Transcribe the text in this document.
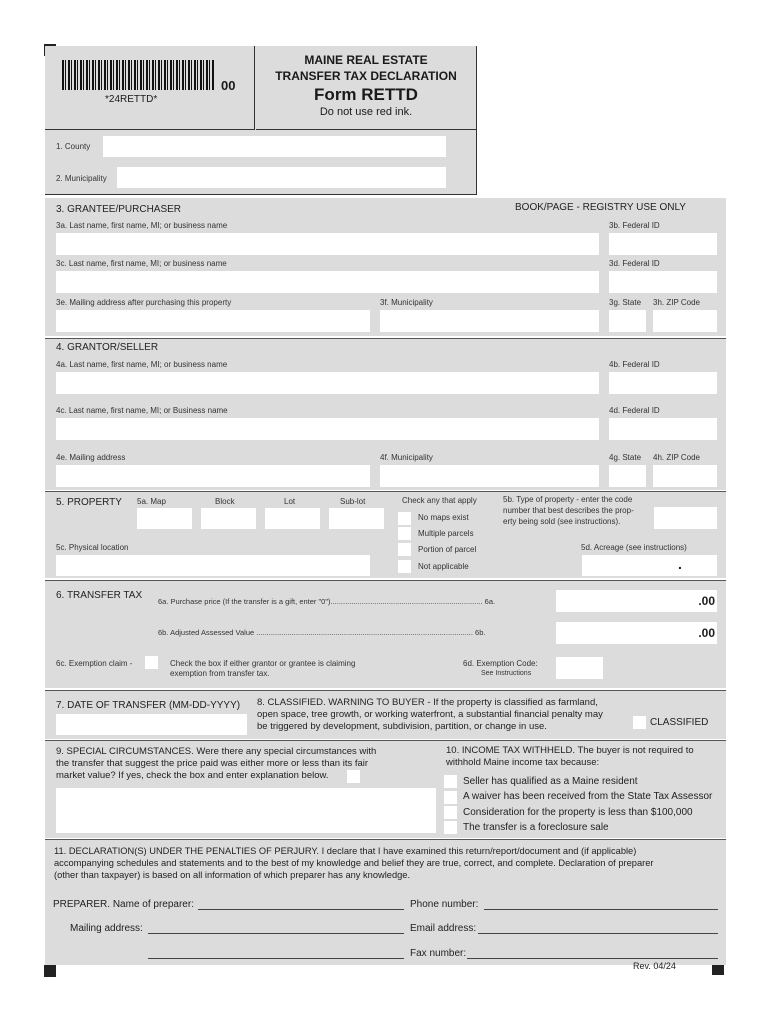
00
*24RETTD*
MAINE REAL ESTATE
TRANSFER TAX DECLARATION
Form RETTD
Do not use red ink.
1. County
2. Municipality
3. GRANTEE/PURCHASER	BOOK/PAGE - REGISTRY USE ONLY
3a. Last name, first name, MI; or business name	3b. Federal ID
3c. Last name, first name, MI; or business name	3d. Federal ID
3e. Mailing address after purchasing this property	3f. Municipality	3g. State 3h. ZIP Code
4. GRANTOR/SELLER
4a. Last name, first name, MI; or business name	4b. Federal ID
4c. Last name, first name, MI; or Business name	4d. Federal ID
4e. Mailing address	4f. Municipality	4g. State 4h. ZIP Code
5. PROPERTY 5a. Map	Block	Lot	Sub-lot	Check any that apply
No maps exist
Multiple parcels
Portion of parcel
Not applicable
5b. Type of property - enter the code
number that best describes the prop-
erty being sold (see instructions).
5c. Physical location	5d. Acreage (see instructions)
.
6. TRANSFER TAX
6a. Purchase price (If the transfer is a gift, enter "0")......................................................................... 6a.	.00
6b. Adjusted Assessed Value ........................................................................................................ 6b.	.00
6c. Exemption claim -	Check the box if either grantor or grantee is claiming
exemption from transfer tax.
6d. Exemption Code:
See Instructions
7. DATE OF TRANSFER (MM-DD-YYYY) 8. CLASSIFIED. WARNING TO BUYER - If the property is classified as farmland,
open space, tree growth, or working waterfront, a substantial financial penalty may
be triggered by development, subdivision, partition, or change in use.	CLASSIFIED
9. SPECIAL CIRCUMSTANCES. Were there any special circumstances with
the transfer that suggest the price paid was either more or less than its fair
market value? If yes, check the box and enter explanation below.
10. INCOME TAX WITHHELD. The buyer is not required to
withhold Maine income tax because:
Seller has qualified as a Maine resident
A waiver has been received from the State Tax Assessor
Consideration for the property is less than $100,000
The transfer is a foreclosure sale
11. DECLARATION(S) UNDER THE PENALTIES OF PERJURY. I declare that I have examined this return/report/document and (if applicable)
accompanying schedules and statements and to the best of my knowledge and belief they are true, correct, and complete. Declaration of preparer
(other than taxpayer) is based on all information of which preparer has any knowledge.
PREPARER. Name of preparer:	Phone number:
Mailing address:	Email address:
Fax number:
Rev. 04/24
